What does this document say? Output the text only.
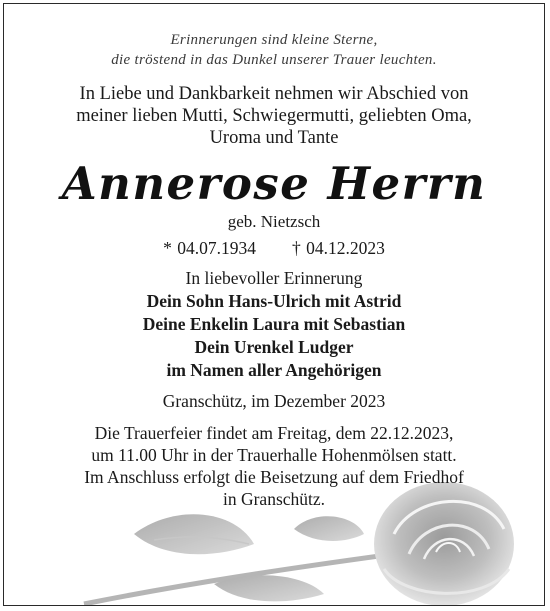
Erinnerungen sind kleine Sterne,
die tröstend in das Dunkel unserer Trauer leuchten.
In Liebe und Dankbarkeit nehmen wir Abschied von
meiner lieben Mutti, Schwiegermutti, geliebten Oma,
Uroma und Tante
Annerose Herrn
geb. Nietzsch
* 04.07.1934 † 04.12.2023
In liebevoller Erinnerung
Dein Sohn Hans-Ulrich mit Astrid
Deine Enkelin Laura mit Sebastian
Dein Urenkel Ludger
im Namen aller Angehörigen
Granschütz, im Dezember 2023
Die Trauerfeier findet am Freitag, dem 22.12.2023,
um 11.00 Uhr in der Trauerhalle Hohenmölsen statt.
Im Anschluss erfolgt die Beisetzung auf dem Friedhof
in Granschütz.
